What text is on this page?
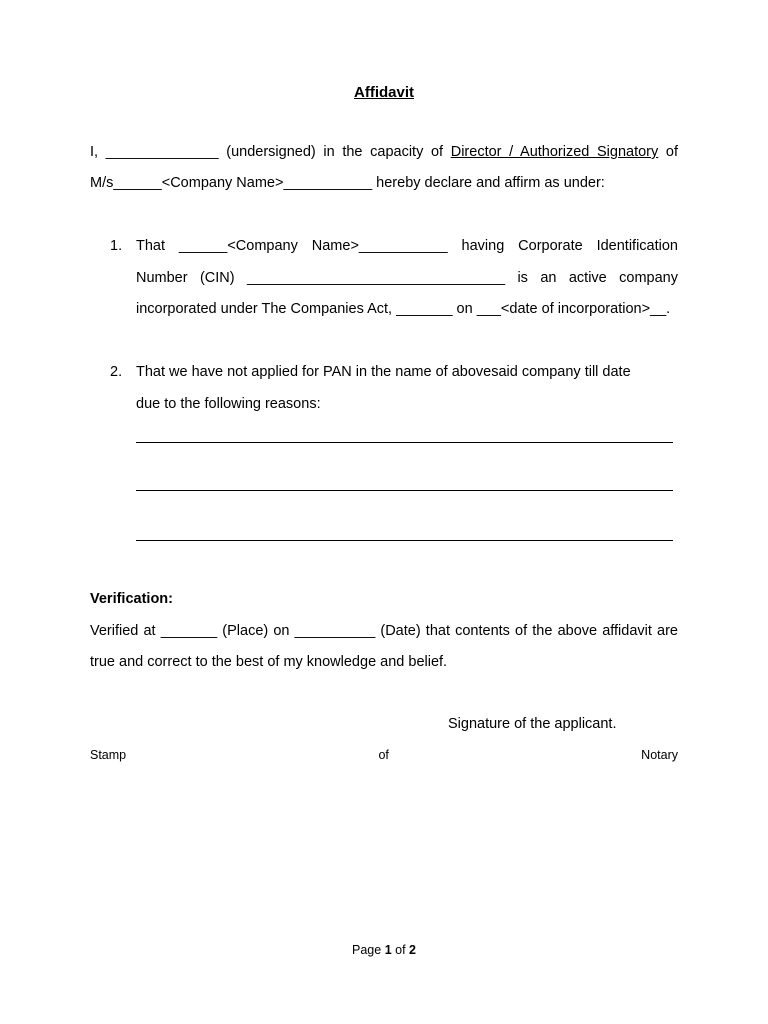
Affidavit
I, ______________ (undersigned) in the capacity of Director / Authorized Signatory of
M/s______<Company Name>___________ hereby declare and affirm as under:
1. That ______<Company Name>___________ having Corporate Identification
Number (CIN) ________________________________ is an active company
incorporated under The Companies Act, _______ on ___<date of incorporation>__.
2. That we have not applied for PAN in the name of abovesaid company till date
due to the following reasons:
Verification:
Verified at _______ (Place) on __________ (Date) that contents of the above affidavit are
true and correct to the best of my knowledge and belief.
Signature of the applicant.
Stamp	of	Notary
Page 1 of 2
